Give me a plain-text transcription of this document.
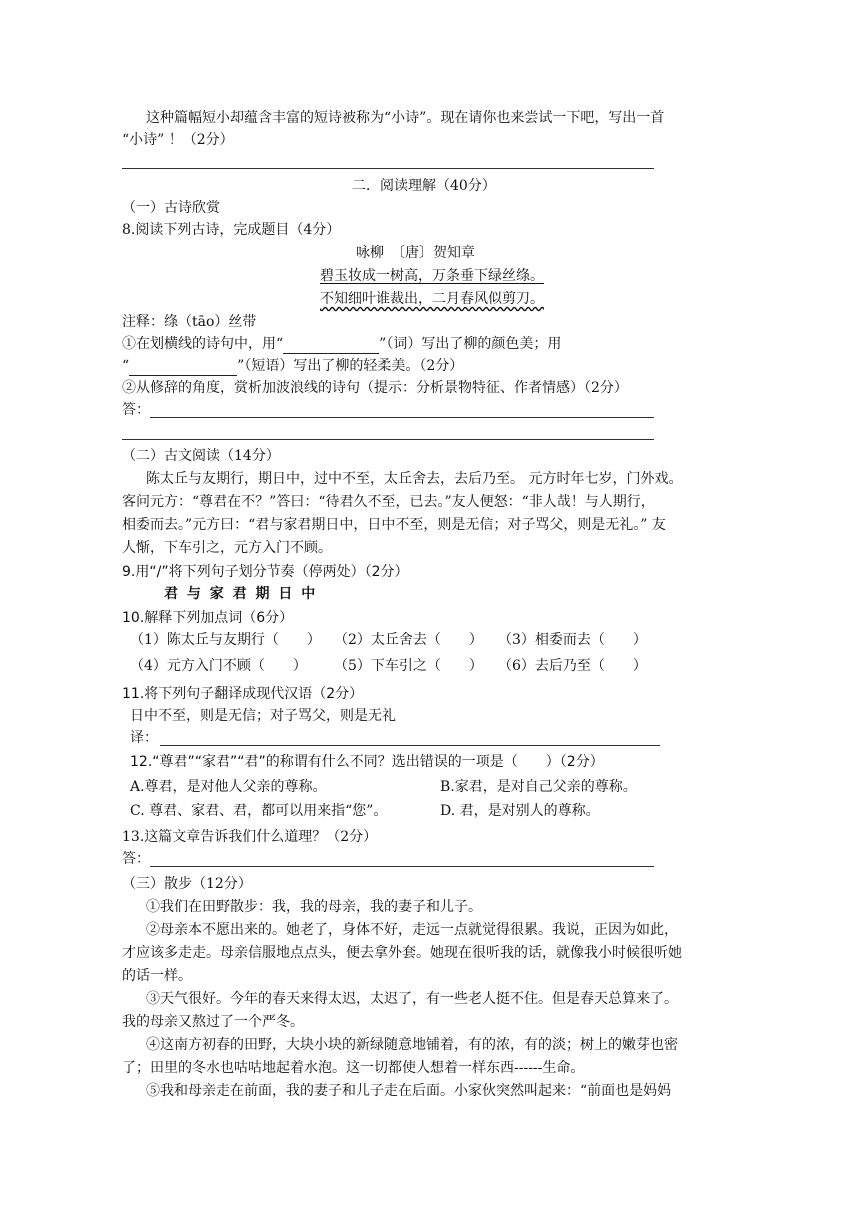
这种篇幅短小却蕴含丰富的短诗被称为“小诗”。现在请你也来尝试一下吧，写出一首
“小诗” ！（2分）
二．阅读理解（40分）
（一）古诗欣赏
8.阅读下列古诗，完成题目（4分）
咏柳　〔唐〕贺知章
碧玉妆成一树高，万条垂下绿丝绦。
不知细叶谁裁出，二月春风似剪刀。
注释：绦（tāo）丝带
①在划横线的诗句中，用“	”（词）写出了柳的颜色美；用
“	”（短语）写出了柳的轻柔美。（2分）
②从修辞的角度，赏析加波浪线的诗句（提示：分析景物特征、作者情感）（2分）
答：
（二）古文阅读（14分）
陈太丘与友期行，期日中，过中不至，太丘舍去，去后乃至。 元方时年七岁，门外戏。
客问元方：“尊君在不？”答曰：“待君久不至，已去。”友人便怒：“非人哉！与人期行，
相委而去。”元方曰：“君与家君期日中，日中不至，则是无信；对子骂父，则是无礼。” 友
人惭，下车引之，元方入门不顾。
9.用“/”将下列句子划分节奏（停两处）（2分）
君 与 家 君 期 日 中
10.解释下列加点词（6分）
（1）陈太丘与友期行（　　） （2）太丘舍去（　　） （3）相委而去（　　）
（4）元方入门不顾（　　） （5）下车引之（　　） （6）去后乃至（　　）
11.将下列句子翻译成现代汉语（2分）
日中不至，则是无信；对子骂父，则是无礼
译：
12.“尊君”“家君”“君”的称谓有什么不同？选出错误的一项是（　　）（2分）
A.尊君，是对他人父亲的尊称。	B.家君，是对自己父亲的尊称。
C. 尊君、家君、君，都可以用来指“您”。	D. 君，是对别人的尊称。
13.这篇文章告诉我们什么道理？（2分）
答：
（三）散步（12分）
①我们在田野散步：我，我的母亲，我的妻子和儿子。
②母亲本不愿出来的。她老了，身体不好，走远一点就觉得很累。我说，正因为如此，
才应该多走走。母亲信服地点点头，便去拿外套。她现在很听我的话，就像我小时候很听她
的话一样。
③天气很好。今年的春天来得太迟，太迟了，有一些老人挺不住。但是春天总算来了。
我的母亲又熬过了一个严冬。
④这南方初春的田野，大块小块的新绿随意地铺着，有的浓，有的淡；树上的嫩芽也密
了；田里的冬水也咕咕地起着水泡。这一切都使人想着一样东西------生命。
⑤我和母亲走在前面，我的妻子和儿子走在后面。小家伙突然叫起来：“前面也是妈妈
